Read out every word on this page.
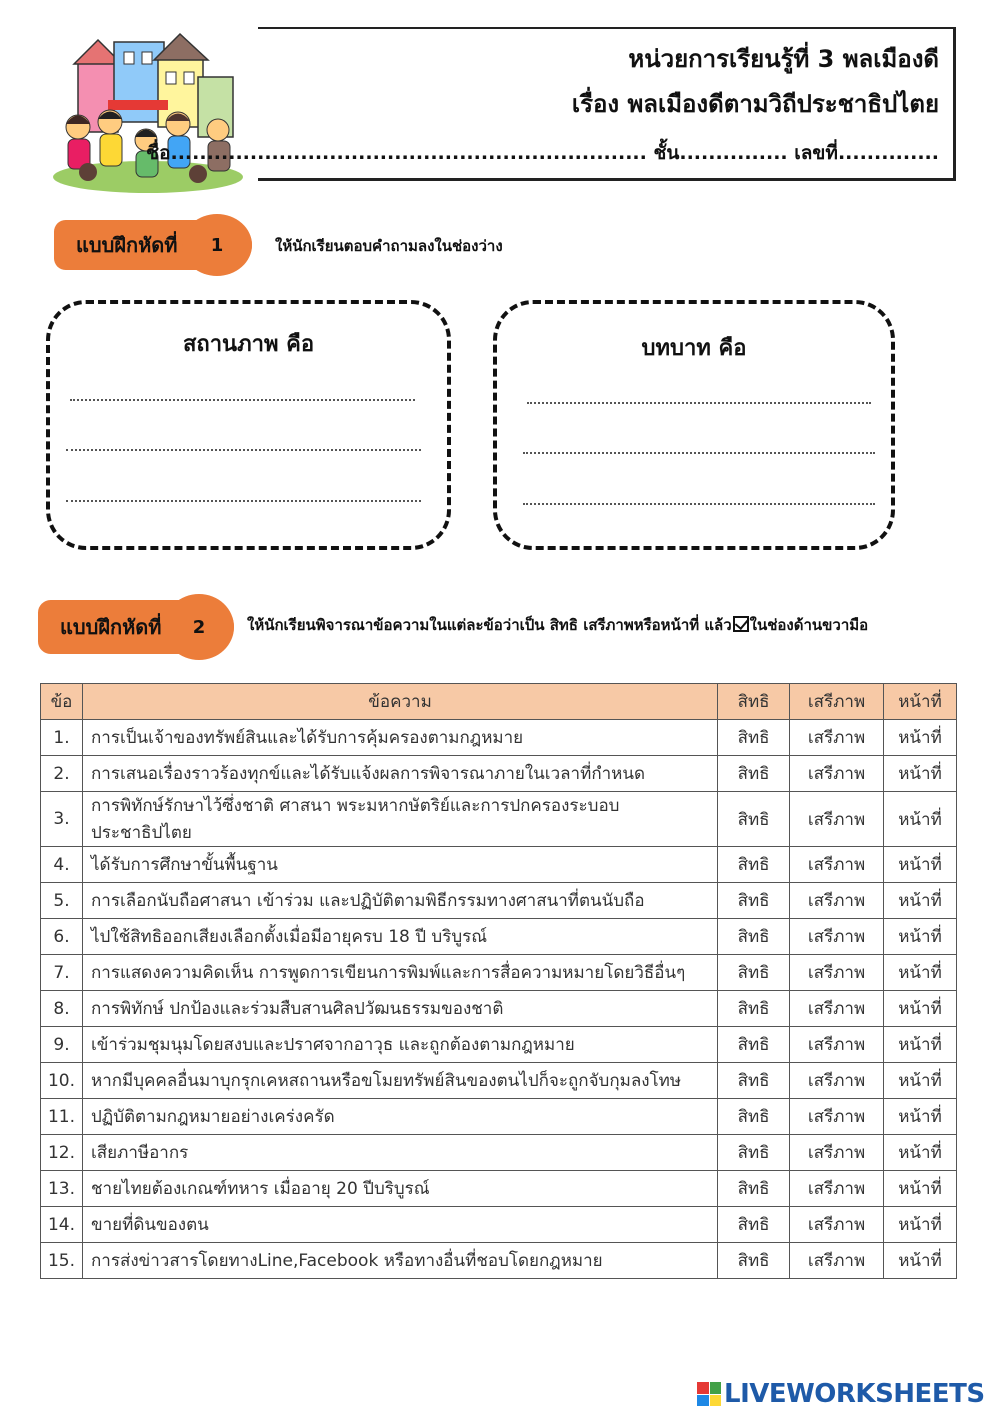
หน่วยการเรียนรู้ที่ 3 พลเมืองดี
เรื่อง พลเมืองดีตามวิถีประชาธิปไตย
ชื่อ.................................................................. ชั้น............... เลขที่..............
แบบฝึกหัดที่	1	ให้นักเรียนตอบคำถามลงในช่องว่าง
สถานภาพ คือ	บทบาท คือ
แบบฝึกหัดที่	2	ให้นักเรียนพิจารณาข้อความในแต่ละข้อว่าเป็น สิทธิ เสรีภาพหรือหน้าที่ แล้ว ในช่องด้านขวามือ
ข้อ	ข้อความ	สิทธิ	เสรีภาพ	หน้าที่
1.	การเป็นเจ้าของทรัพย์สินและได้รับการคุ้มครองตามกฎหมาย	สิทธิ	เสรีภาพ	หน้าที่
2.	การเสนอเรื่องราวร้องทุกข์และได้รับแจ้งผลการพิจารณาภายในเวลาที่กำหนด	สิทธิ	เสรีภาพ	หน้าที่
3.	การพิทักษ์รักษาไว้ซึ่งชาติ ศาสนา พระมหากษัตริย์และการปกครองระบอบประชาธิปไตย	สิทธิ	เสรีภาพ	หน้าที่
4.	ได้รับการศึกษาขั้นพื้นฐาน	สิทธิ	เสรีภาพ	หน้าที่
5.	การเลือกนับถือศาสนา เข้าร่วม และปฏิบัติตามพิธีกรรมทางศาสนาที่ตนนับถือ	สิทธิ	เสรีภาพ	หน้าที่
6.	ไปใช้สิทธิออกเสียงเลือกตั้งเมื่อมีอายุครบ 18 ปี บริบูรณ์	สิทธิ	เสรีภาพ	หน้าที่
7.	การแสดงความคิดเห็น การพูดการเขียนการพิมพ์และการสื่อความหมายโดยวิธีอื่นๆ	สิทธิ	เสรีภาพ	หน้าที่
8.	การพิทักษ์ ปกป้องและร่วมสืบสานศิลปวัฒนธรรมของชาติ	สิทธิ	เสรีภาพ	หน้าที่
9.	เข้าร่วมชุมนุมโดยสงบและปราศจากอาวุธ และถูกต้องตามกฎหมาย	สิทธิ	เสรีภาพ	หน้าที่
10.	หากมีบุคคลอื่นมาบุกรุกเคหสถานหรือขโมยทรัพย์สินของตนไปก็จะถูกจับกุมลงโทษ	สิทธิ	เสรีภาพ	หน้าที่
11.	ปฏิบัติตามกฎหมายอย่างเคร่งครัด	สิทธิ	เสรีภาพ	หน้าที่
12.	เสียภาษีอากร	สิทธิ	เสรีภาพ	หน้าที่
13.	ชายไทยต้องเกณฑ์ทหาร เมื่ออายุ 20 ปีบริบูรณ์	สิทธิ	เสรีภาพ	หน้าที่
14.	ขายที่ดินของตน	สิทธิ	เสรีภาพ	หน้าที่
15.	การส่งข่าวสารโดยทางLine,Facebook หรือทางอื่นที่ชอบโดยกฎหมาย	สิทธิ	เสรีภาพ	หน้าที่
LIVEWORKSHEETS
